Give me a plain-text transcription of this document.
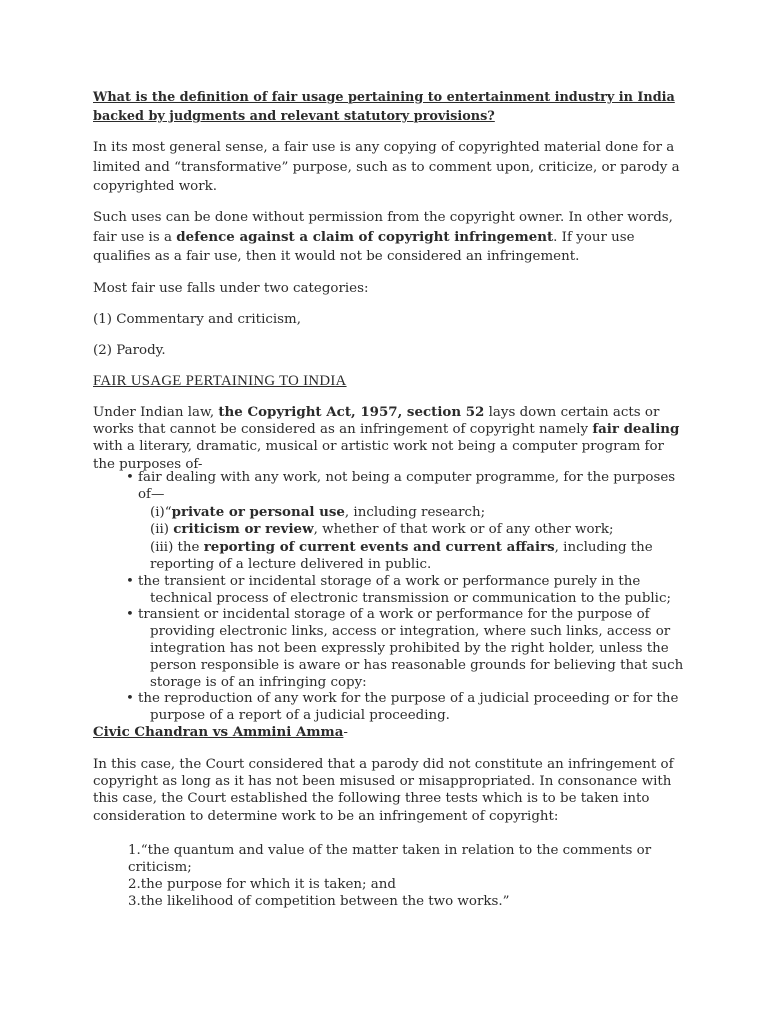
What is the definition of fair usage pertaining to entertainment industry in India
backed by judgments and relevant statutory provisions?

In its most general sense, a fair use is any copying of copyrighted material done for a limited and “transformative” purpose, such as to comment upon, criticize, or parody a copyrighted work.

Such uses can be done without permission from the copyright owner. In other words, fair use is a defence against a claim of copyright infringement. If your use qualifies as a fair use, then it would not be considered an infringement.

Most fair use falls under two categories:

(1) Commentary and criticism,

(2) Parody.

FAIR USAGE PERTAINING TO INDIA

Under Indian law, the Copyright Act, 1957, section 52 lays down certain acts or works that cannot be considered as an infringement of copyright namely fair dealing with a literary, dramatic, musical or artistic work not being a computer program for the purposes of-

• fair dealing with any work, not being a computer programme, for the purposes of—
(i)“private or personal use, including research;
(ii) criticism or review, whether of that work or of any other work;
(iii) the reporting of current events and current affairs, including the reporting of a lecture delivered in public.
• the transient or incidental storage of a work or performance purely in the technical process of electronic transmission or communication to the public;
• transient or incidental storage of a work or performance for the purpose of providing electronic links, access or integration, where such links, access or integration has not been expressly prohibited by the right holder, unless the person responsible is aware or has reasonable grounds for believing that such storage is of an infringing copy:
• the reproduction of any work for the purpose of a judicial proceeding or for the purpose of a report of a judicial proceeding.
Civic Chandran vs Ammini Amma-

In this case, the Court considered that a parody did not constitute an infringement of copyright as long as it has not been misused or misappropriated. In consonance with this case, the Court established the following three tests which is to be taken into consideration to determine work to be an infringement of copyright:

1.“the quantum and value of the matter taken in relation to the comments or criticism;
2.the purpose for which it is taken; and
3.the likelihood of competition between the two works.”
